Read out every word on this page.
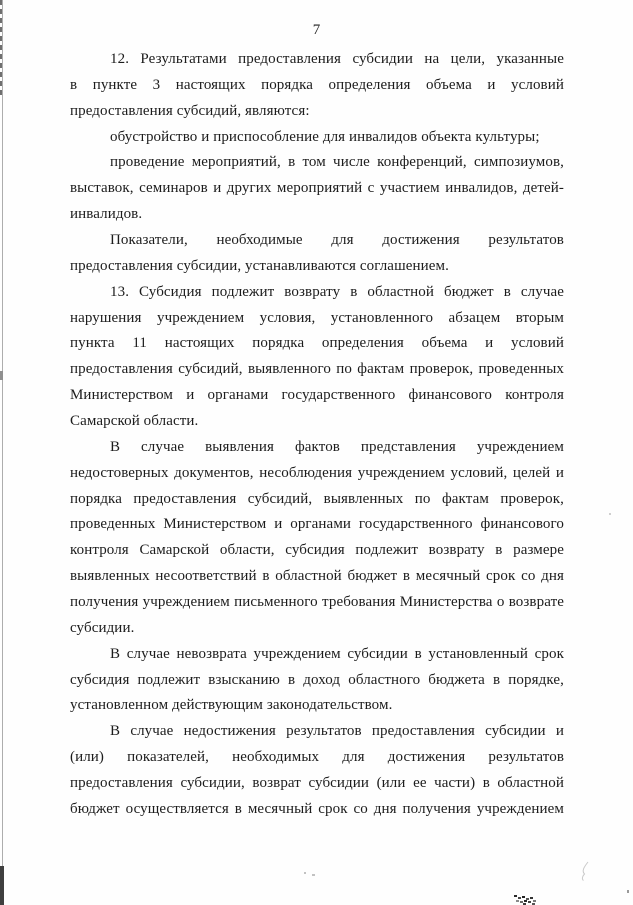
7
12. Результатами предоставления субсидии на цели, указанные
в пункте 3 настоящих порядка определения объема и условий
предоставления субсидий, являются:
обустройство и приспособление для инвалидов объекта культуры;
проведение мероприятий, в том числе конференций, симпозиумов,
выставок, семинаров и других мероприятий с участием инвалидов, детей-
инвалидов.
Показатели, необходимые для достижения результатов
предоставления субсидии, устанавливаются соглашением.
13. Субсидия подлежит возврату в областной бюджет в случае
нарушения учреждением условия, установленного абзацем вторым
пункта 11 настоящих порядка определения объема и условий
предоставления субсидий, выявленного по фактам проверок, проведенных
Министерством и органами государственного финансового контроля
Самарской области.
В случае выявления фактов представления учреждением
недостоверных документов, несоблюдения учреждением условий, целей и
порядка предоставления субсидий, выявленных по фактам проверок,
проведенных Министерством и органами государственного финансового
контроля Самарской области, субсидия подлежит возврату в размере
выявленных несоответствий в областной бюджет в месячный срок со дня
получения учреждением письменного требования Министерства о возврате
субсидии.
В случае невозврата учреждением субсидии в установленный срок
субсидия подлежит взысканию в доход областного бюджета в порядке,
установленном действующим законодательством.
В случае недостижения результатов предоставления субсидии и
(или) показателей, необходимых для достижения результатов
предоставления субсидии, возврат субсидии (или ее части) в областной
бюджет осуществляется в месячный срок со дня получения учреждением
